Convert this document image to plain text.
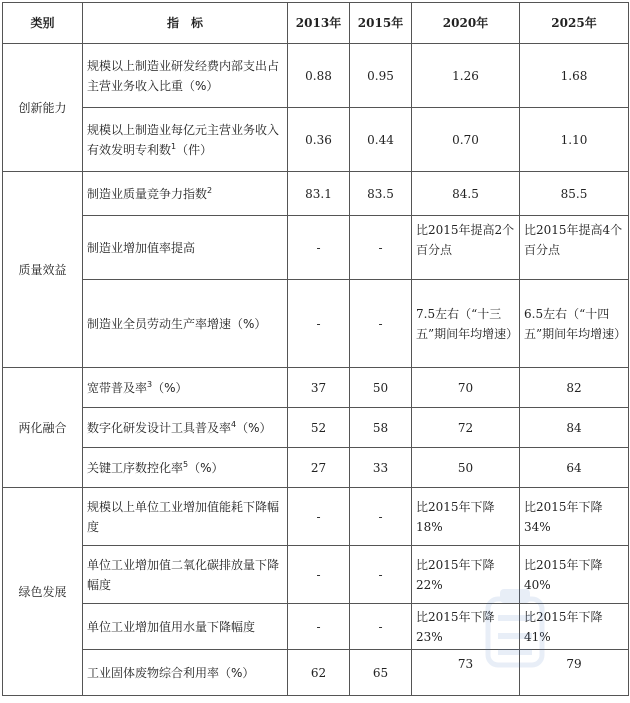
类别	指　标	2013年	2015年	2020年	2025年
创新能力	规模以上制造业研发经费内部支出占主营业务收入比重（%）	0.88	0.95	1.26	1.68
	规模以上制造业每亿元主营业务收入有效发明专利数$^1$（件）	0.36	0.44	0.70	1.10
质量效益	制造业质量竞争力指数$^2$	83.1	83.5	84.5	85.5
	制造业增加值率提高	-	-	比2015年提高2个百分点	比2015年提高4个百分点
	制造业全员劳动生产率增速（%）	-	-	7.5左右（“十三五”期间年均增速）	6.5左右（“十四五”期间年均增速）
两化融合	宽带普及率$^3$（%）	37	50	70	82
	数字化研发设计工具普及率$^4$（%）	52	58	72	84
	关键工序数控化率$^5$（%）	27	33	50	64
绿色发展	规模以上单位工业增加值能耗下降幅度	-	-	比2015年下降18%	比2015年下降34%
	单位工业增加值二氧化碳排放量下降幅度	-	-	比2015年下降22%	比2015年下降40%
	单位工业增加值用水量下降幅度	-	-	比2015年下降23%	比2015年下降41%
	工业固体废物综合利用率（%）	62	65	73	79
